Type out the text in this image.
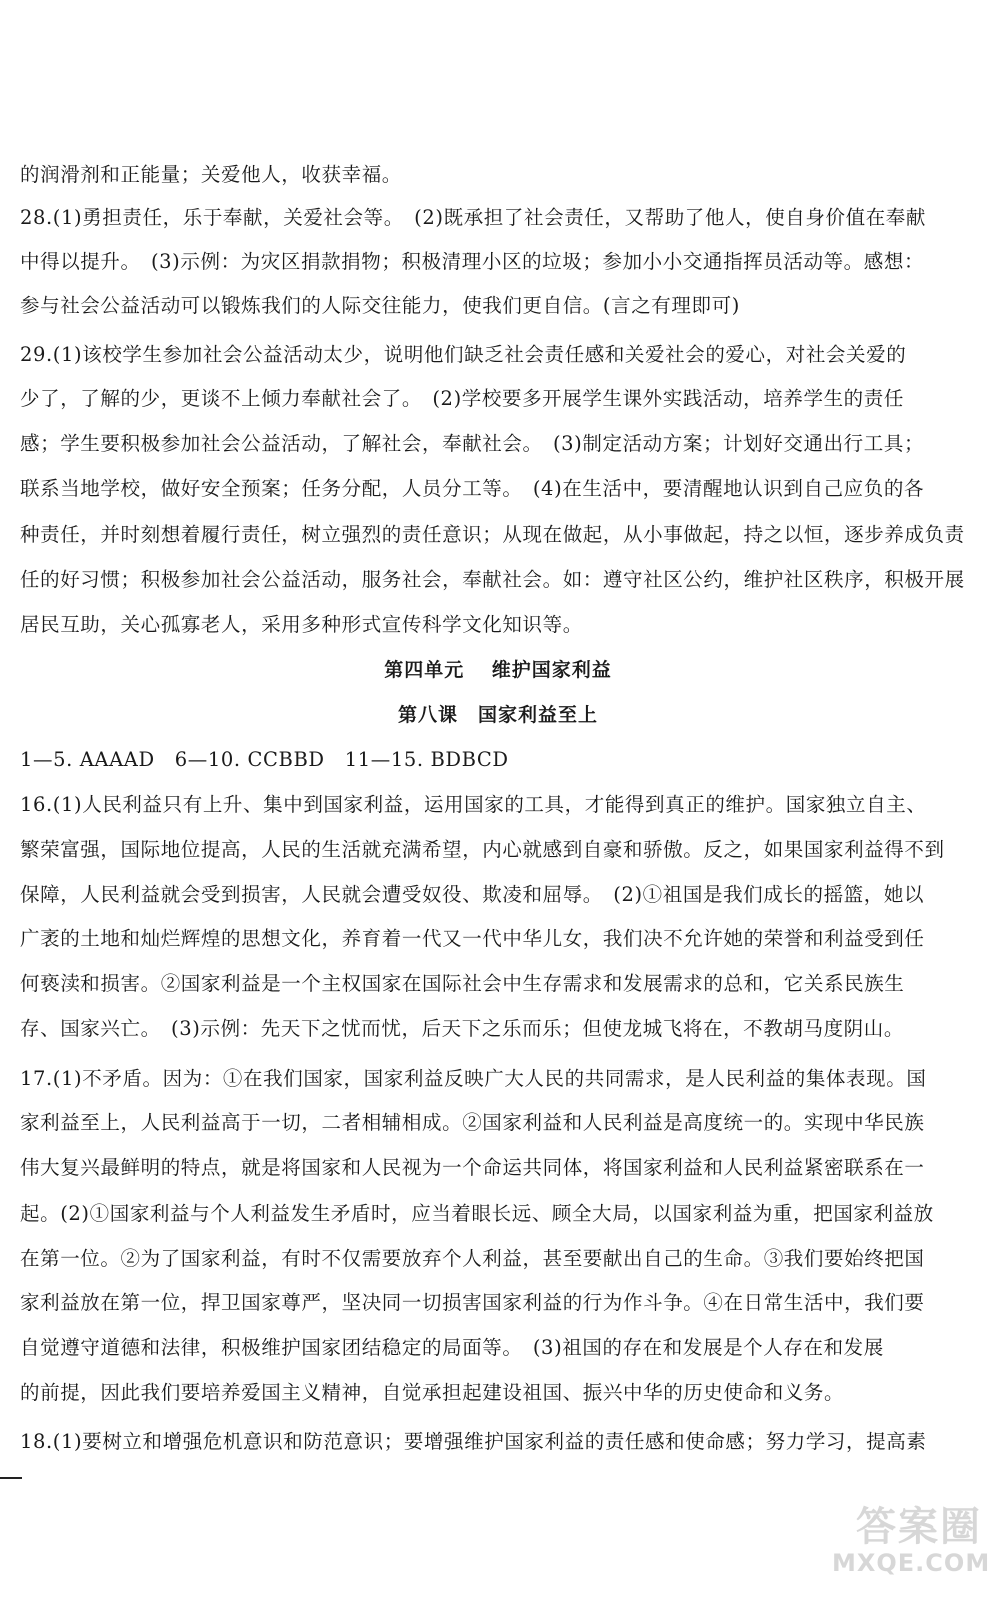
的润滑剂和正能量；关爱他人，收获幸福。
28.(1)勇担责任，乐于奉献，关爱社会等。　(2)既承担了社会责任，又帮助了他人，使自身价值在奉献
中得以提升。　(3)示例：为灾区捐款捐物；积极清理小区的垃圾；参加小小交通指挥员活动等。感想：
参与社会公益活动可以锻炼我们的人际交往能力，使我们更自信。(言之有理即可)
29.(1)该校学生参加社会公益活动太少，说明他们缺乏社会责任感和关爱社会的爱心，对社会关爱的
少了，了解的少，更谈不上倾力奉献社会了。　(2)学校要多开展学生课外实践活动，培养学生的责任
感；学生要积极参加社会公益活动，了解社会，奉献社会。　(3)制定活动方案；计划好交通出行工具；
联系当地学校，做好安全预案；任务分配，人员分工等。　(4)在生活中，要清醒地认识到自己应负的各
种责任，并时刻想着履行责任，树立强烈的责任意识；从现在做起，从小事做起，持之以恒，逐步养成负责
任的好习惯；积极参加社会公益活动，服务社会，奉献社会。如：遵守社区公约，维护社区秩序，积极开展
居民互助，关心孤寡老人，采用多种形式宣传科学文化知识等。
1—5. AAAAD　6—10. CCBBD　11—15. BDBCD
16.(1)人民利益只有上升、集中到国家利益，运用国家的工具，才能得到真正的维护。国家独立自主、
繁荣富强，国际地位提高，人民的生活就充满希望，内心就感到自豪和骄傲。反之，如果国家利益得不到
保障，人民利益就会受到损害，人民就会遭受奴役、欺凌和屈辱。　(2)①祖国是我们成长的摇篮，她以
广袤的土地和灿烂辉煌的思想文化，养育着一代又一代中华儿女，我们决不允许她的荣誉和利益受到任
何亵渎和损害。②国家利益是一个主权国家在国际社会中生存需求和发展需求的总和，它关系民族生
存、国家兴亡。　(3)示例：先天下之忧而忧，后天下之乐而乐；但使龙城飞将在，不教胡马度阴山。
17.(1)不矛盾。因为：①在我们国家，国家利益反映广大人民的共同需求，是人民利益的集体表现。国
家利益至上，人民利益高于一切，二者相辅相成。②国家利益和人民利益是高度统一的。实现中华民族
伟大复兴最鲜明的特点，就是将国家和人民视为一个命运共同体，将国家利益和人民利益紧密联系在一
起。(2)①国家利益与个人利益发生矛盾时，应当着眼长远、顾全大局，以国家利益为重，把国家利益放
在第一位。②为了国家利益，有时不仅需要放弃个人利益，甚至要献出自己的生命。③我们要始终把国
家利益放在第一位，捍卫国家尊严，坚决同一切损害国家利益的行为作斗争。④在日常生活中，我们要
自觉遵守道德和法律，积极维护国家团结稳定的局面等。　(3)祖国的存在和发展是个人存在和发展
的前提，因此我们要培养爱国主义精神，自觉承担起建设祖国、振兴中华的历史使命和义务。
18.(1)要树立和增强危机意识和防范意识；要增强维护国家利益的责任感和使命感；努力学习，提高素
第四单元　 维护国家利益
第八课　国家利益至上
答案圈
MXQE.COM
